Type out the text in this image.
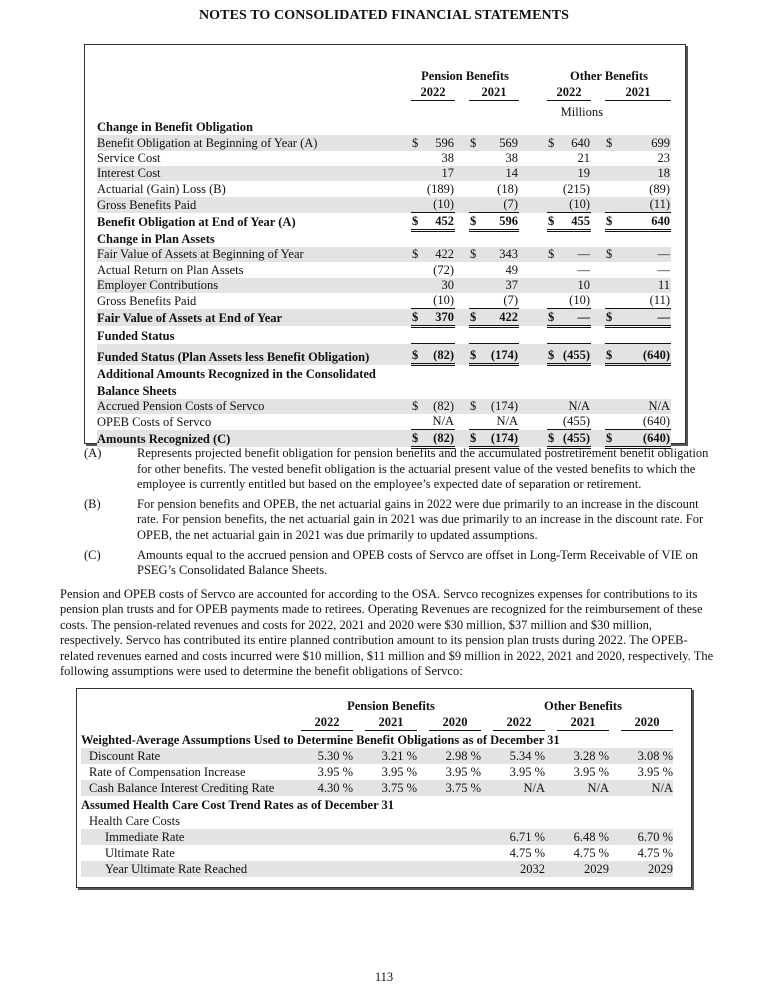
NOTES TO CONSOLIDATED FINANCIAL STATEMENTS
	Pension Benefits				Other Benefits		
	2022		2021		2022		2021
				Millions			
Change in Benefit Obligation							
Benefit Obligation at Beginning of Year (A)	$ 596		$ 569		$ 640		$ 699

Service Cost	38		38		21		23

Interest Cost	17		14		19		18

Actuarial (Gain) Loss (B)	(189)		(18)		(215)		(89)

Gross Benefits Paid	(10)		(7)		(10)		(11)

Benefit Obligation at End of Year (A)	$ 452		$ 596		$ 455		$ 640

Change in Plan Assets							
Fair Value of Assets at Beginning of Year	$ 422		$ 343		$ —		$ —

Actual Return on Plan Assets	(72)		49		—		—

Employer Contributions	30		37		10		11

Gross Benefits Paid	(10)		(7)		(10)		(11)

Fair Value of Assets at End of Year	$ 370		$ 422		$ —		$ —

Funded Status							
Funded Status (Plan Assets less Benefit Obligation)	$ (82)		$ (174)		$ (455)		$ (640)

Additional Amounts Recognized in the Consolidated							
Balance Sheets							
Accrued Pension Costs of Servco	$ (82)		$ (174)		N/A		N/A

OPEB Costs of Servco	N/A		N/A		(455)		(640)

Amounts Recognized (C)	$ (82)		$ (174)		$ (455)		$ (640)
(A)	Represents projected benefit obligation for pension benefits and the accumulated postretirement benefit obligation for other benefits. The vested benefit obligation is the actuarial present value of the vested benefits to which the employee is currently entitled but based on the employee’s expected date of separation or retirement.
(B)	For pension benefits and OPEB, the net actuarial gains in 2022 were due primarily to an increase in the discount rate. For pension benefits, the net actuarial gain in 2021 was due primarily to an increase in the discount rate. For OPEB, the net actuarial gain in 2021 was due primarily to updated assumptions.
(C)	Amounts equal to the accrued pension and OPEB costs of Servco are offset in Long-Term Receivable of VIE on PSEG’s Consolidated Balance Sheets.
Pension and OPEB costs of Servco are accounted for according to the OSA. Servco recognizes expenses for contributions to its pension plan trusts and for OPEB payments made to retirees. Operating Revenues are recognized for the reimbursement of these costs. The pension-related revenues and costs for 2022, 2021 and 2020 were $30 million, $37 million and $30 million, respectively. Servco has contributed its entire planned contribution amount to its pension plan trusts during 2022. The OPEB-related revenues earned and costs incurred were $10 million, $11 million and $9 million in 2022, 2021 and 2020, respectively. The following assumptions were used to determine the benefit obligations of Servco:
	Pension Benefits						Other Benefits				
	2022		2021		2020		2022		2021		2020
Weighted-Average Assumptions Used to Determine Benefit Obligations as of December 31											
Discount Rate	5.30 %		3.21 %		2.98 %		5.34 %		3.28 %		3.08 %
Rate of Compensation Increase	3.95 %		3.95 %		3.95 %		3.95 %		3.95 %		3.95 %
Cash Balance Interest Crediting Rate	4.30 %		3.75 %		3.75 %		N/A		N/A		N/A
Assumed Health Care Cost Trend Rates as of December 31											
Health Care Costs											
Immediate Rate							6.71 %		6.48 %		6.70 %
Ultimate Rate							4.75 %		4.75 %		4.75 %
Year Ultimate Rate Reached							2032		2029		2029
113
